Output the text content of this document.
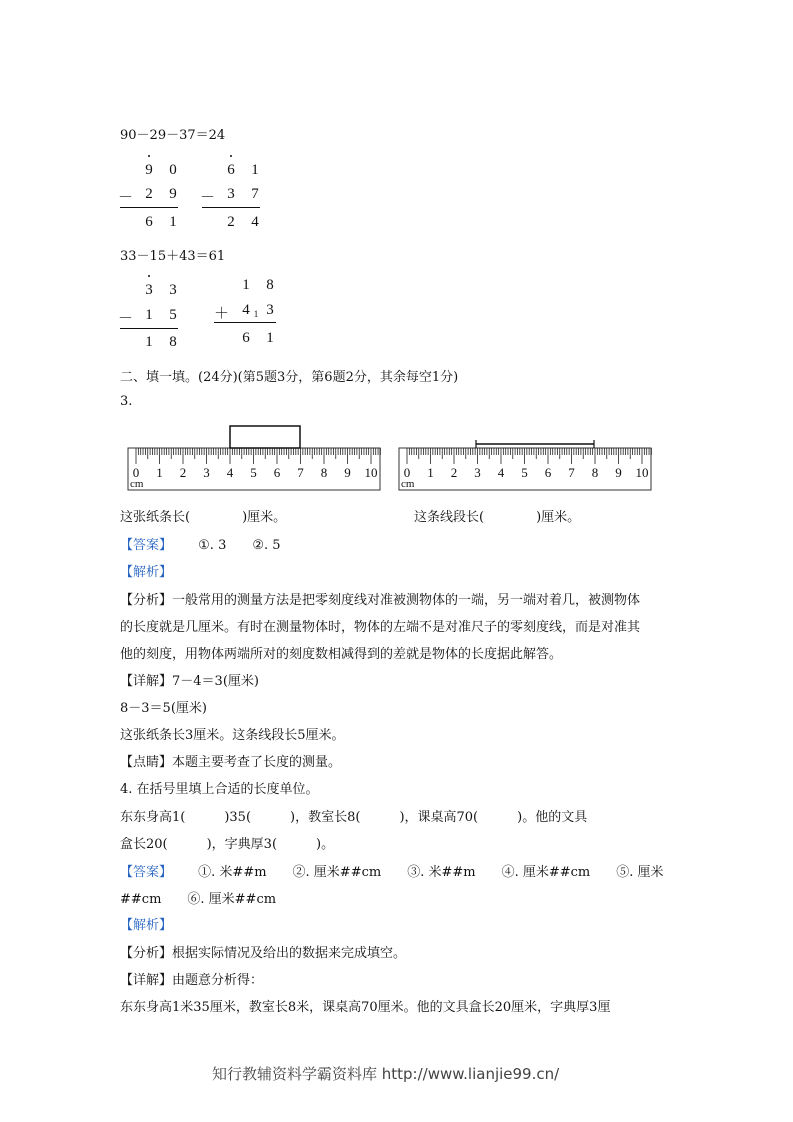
90－29－37＝24
9 0
－ 2 9
6 1
6 1
－ 3 7
2 4
33－15＋43＝61
3 3
－ 1 5
1 8
1 8
＋ 4 1 3
6 1
二、填一填。(24分)(第5题3分，第6题2分，其余每空1分)
3.
0 1 2 3 4 5 6 7 8 9 10
cm
0 1 2 3 4 5 6 7 8 9 10
cm
这张纸条长(　　　　)厘米。	这条线段长(　　　　)厘米。
【答案】 ①. 3　　②. 5
【解析】
【分析】一般常用的测量方法是把零刻度线对准被测物体的一端，另一端对着几，被测物体
的长度就是几厘米。有时在测量物体时，物体的左端不是对准尺子的零刻度线，而是对准其
他的刻度，用物体两端所对的刻度数相减得到的差就是物体的长度据此解答。
【详解】7－4＝3(厘米)
8－3＝5(厘米)
这张纸条长3厘米。这条线段长5厘米。
【点睛】本题主要考查了长度的测量。
4. 在括号里填上合适的长度单位。
东东身高1(　　　)35(　　　)，教室长8(　　　)，课桌高70(　　　)。他的文具
盒长20(　　　)，字典厚3(　　　)。
【答案】 ①. 米##m　　②. 厘米##cm　　③. 米##m　　④. 厘米##cm　　⑤. 厘米
##cm　　⑥. 厘米##cm
【解析】
【分析】根据实际情况及给出的数据来完成填空。
【详解】由题意分析得：
东东身高1米35厘米，教室长8米，课桌高70厘米。他的文具盒长20厘米，字典厚3厘
知行教辅资料学霸资料库 http://www.lianjie99.cn/
